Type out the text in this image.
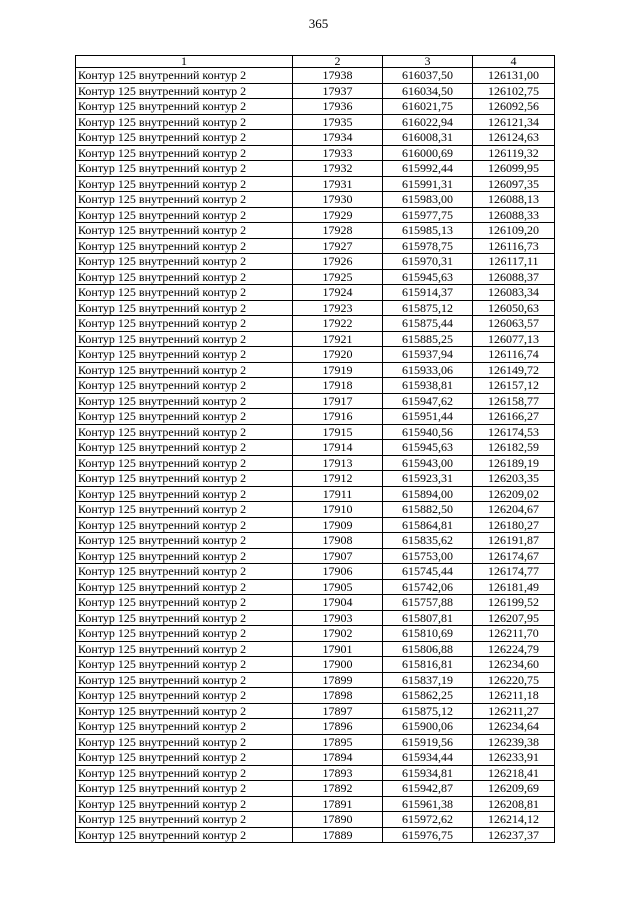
365
1	2	3	4
Контур 125 внутренний контур 2	17938	616037,50	126131,00
Контур 125 внутренний контур 2	17937	616034,50	126102,75
Контур 125 внутренний контур 2	17936	616021,75	126092,56
Контур 125 внутренний контур 2	17935	616022,94	126121,34
Контур 125 внутренний контур 2	17934	616008,31	126124,63
Контур 125 внутренний контур 2	17933	616000,69	126119,32
Контур 125 внутренний контур 2	17932	615992,44	126099,95
Контур 125 внутренний контур 2	17931	615991,31	126097,35
Контур 125 внутренний контур 2	17930	615983,00	126088,13
Контур 125 внутренний контур 2	17929	615977,75	126088,33
Контур 125 внутренний контур 2	17928	615985,13	126109,20
Контур 125 внутренний контур 2	17927	615978,75	126116,73
Контур 125 внутренний контур 2	17926	615970,31	126117,11
Контур 125 внутренний контур 2	17925	615945,63	126088,37
Контур 125 внутренний контур 2	17924	615914,37	126083,34
Контур 125 внутренний контур 2	17923	615875,12	126050,63
Контур 125 внутренний контур 2	17922	615875,44	126063,57
Контур 125 внутренний контур 2	17921	615885,25	126077,13
Контур 125 внутренний контур 2	17920	615937,94	126116,74
Контур 125 внутренний контур 2	17919	615933,06	126149,72
Контур 125 внутренний контур 2	17918	615938,81	126157,12
Контур 125 внутренний контур 2	17917	615947,62	126158,77
Контур 125 внутренний контур 2	17916	615951,44	126166,27
Контур 125 внутренний контур 2	17915	615940,56	126174,53
Контур 125 внутренний контур 2	17914	615945,63	126182,59
Контур 125 внутренний контур 2	17913	615943,00	126189,19
Контур 125 внутренний контур 2	17912	615923,31	126203,35
Контур 125 внутренний контур 2	17911	615894,00	126209,02
Контур 125 внутренний контур 2	17910	615882,50	126204,67
Контур 125 внутренний контур 2	17909	615864,81	126180,27
Контур 125 внутренний контур 2	17908	615835,62	126191,87
Контур 125 внутренний контур 2	17907	615753,00	126174,67
Контур 125 внутренний контур 2	17906	615745,44	126174,77
Контур 125 внутренний контур 2	17905	615742,06	126181,49
Контур 125 внутренний контур 2	17904	615757,88	126199,52
Контур 125 внутренний контур 2	17903	615807,81	126207,95
Контур 125 внутренний контур 2	17902	615810,69	126211,70
Контур 125 внутренний контур 2	17901	615806,88	126224,79
Контур 125 внутренний контур 2	17900	615816,81	126234,60
Контур 125 внутренний контур 2	17899	615837,19	126220,75
Контур 125 внутренний контур 2	17898	615862,25	126211,18
Контур 125 внутренний контур 2	17897	615875,12	126211,27
Контур 125 внутренний контур 2	17896	615900,06	126234,64
Контур 125 внутренний контур 2	17895	615919,56	126239,38
Контур 125 внутренний контур 2	17894	615934,44	126233,91
Контур 125 внутренний контур 2	17893	615934,81	126218,41
Контур 125 внутренний контур 2	17892	615942,87	126209,69
Контур 125 внутренний контур 2	17891	615961,38	126208,81
Контур 125 внутренний контур 2	17890	615972,62	126214,12
Контур 125 внутренний контур 2	17889	615976,75	126237,37
